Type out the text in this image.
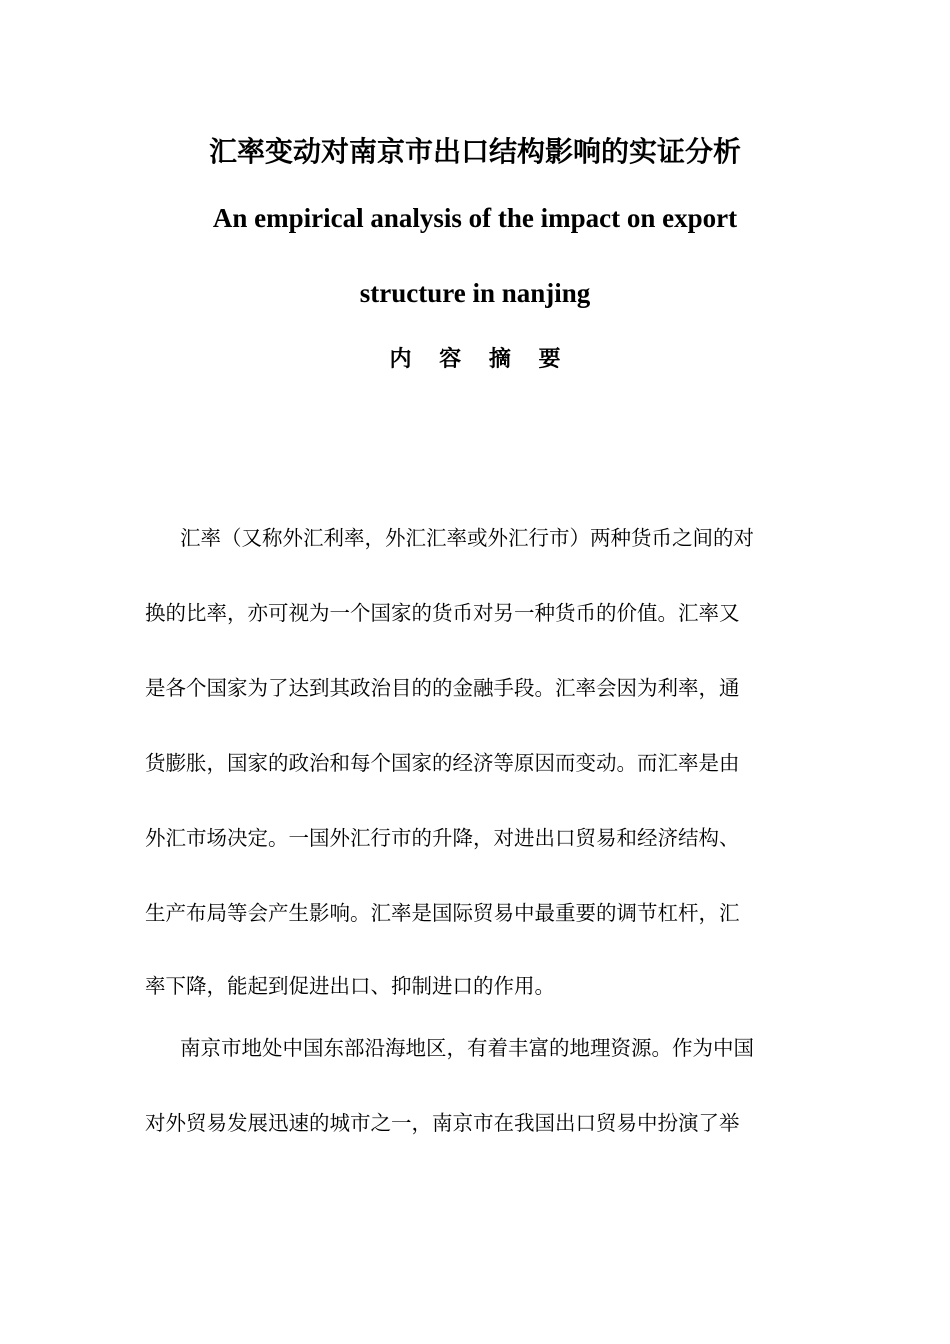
汇率变动对南京市出口结构影响的实证分析
An empirical analysis of the impact on export
structure in nanjing
内 容 摘 要
汇率（又称外汇利率，外汇汇率或外汇行市）两种货币之间的对
换的比率，亦可视为一个国家的货币对另一种货币的价值。汇率又
是各个国家为了达到其政治目的的金融手段。汇率会因为利率，通
货膨胀，国家的政治和每个国家的经济等原因而变动。而汇率是由
外汇市场决定。一国外汇行市的升降，对进出口贸易和经济结构、
生产布局等会产生影响。汇率是国际贸易中最重要的调节杠杆，汇
率下降，能起到促进出口、抑制进口的作用。
南京市地处中国东部沿海地区，有着丰富的地理资源。作为中国
对外贸易发展迅速的城市之一，南京市在我国出口贸易中扮演了举
